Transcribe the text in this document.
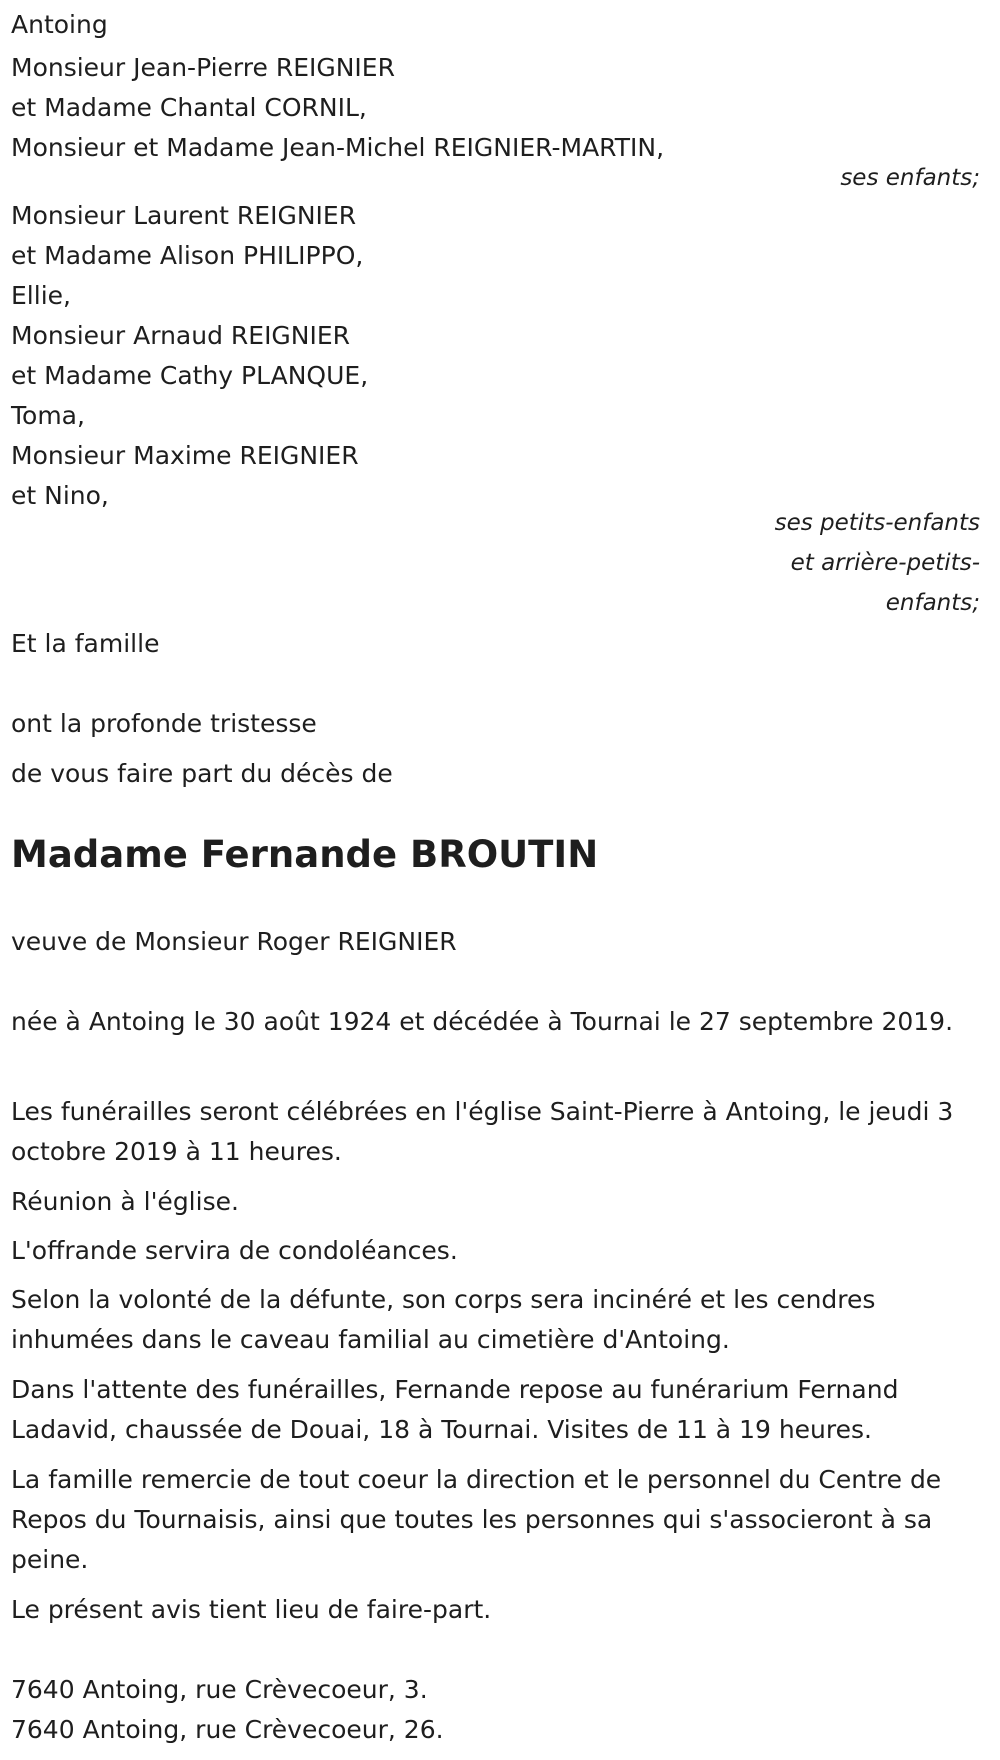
Antoing
Monsieur Jean-Pierre REIGNIER
et Madame Chantal CORNIL,
Monsieur et Madame Jean-Michel REIGNIER-MARTIN,
ses enfants;
Monsieur Laurent REIGNIER
et Madame Alison PHILIPPO,
Ellie,
Monsieur Arnaud REIGNIER
et Madame Cathy PLANQUE,
Toma,
Monsieur Maxime REIGNIER
et Nino,
ses petits-enfants
et arrière-petits-enfants;
Et la famille
ont la profonde tristesse
de vous faire part du décès de
Madame Fernande BROUTIN
veuve de Monsieur Roger REIGNIER
née à Antoing le 30 août 1924 et décédée à Tournai le 27 septembre 2019.
Les funérailles seront célébrées en l'église Saint-Pierre à Antoing, le jeudi 3 octobre 2019 à 11 heures.
Réunion à l'église.
L'offrande servira de condoléances.
Selon la volonté de la défunte, son corps sera incinéré et les cendres inhumées dans le caveau familial au cimetière d'Antoing.
Dans l'attente des funérailles, Fernande repose au funérarium Fernand Ladavid, chaussée de Douai, 18 à Tournai. Visites de 11 à 19 heures.
La famille remercie de tout coeur la direction et le personnel du Centre de Repos du Tournaisis, ainsi que toutes les personnes qui s'associeront à sa peine.
Le présent avis tient lieu de faire-part.
7640 Antoing, rue Crèvecoeur, 3.
7640 Antoing, rue Crèvecoeur, 26.
